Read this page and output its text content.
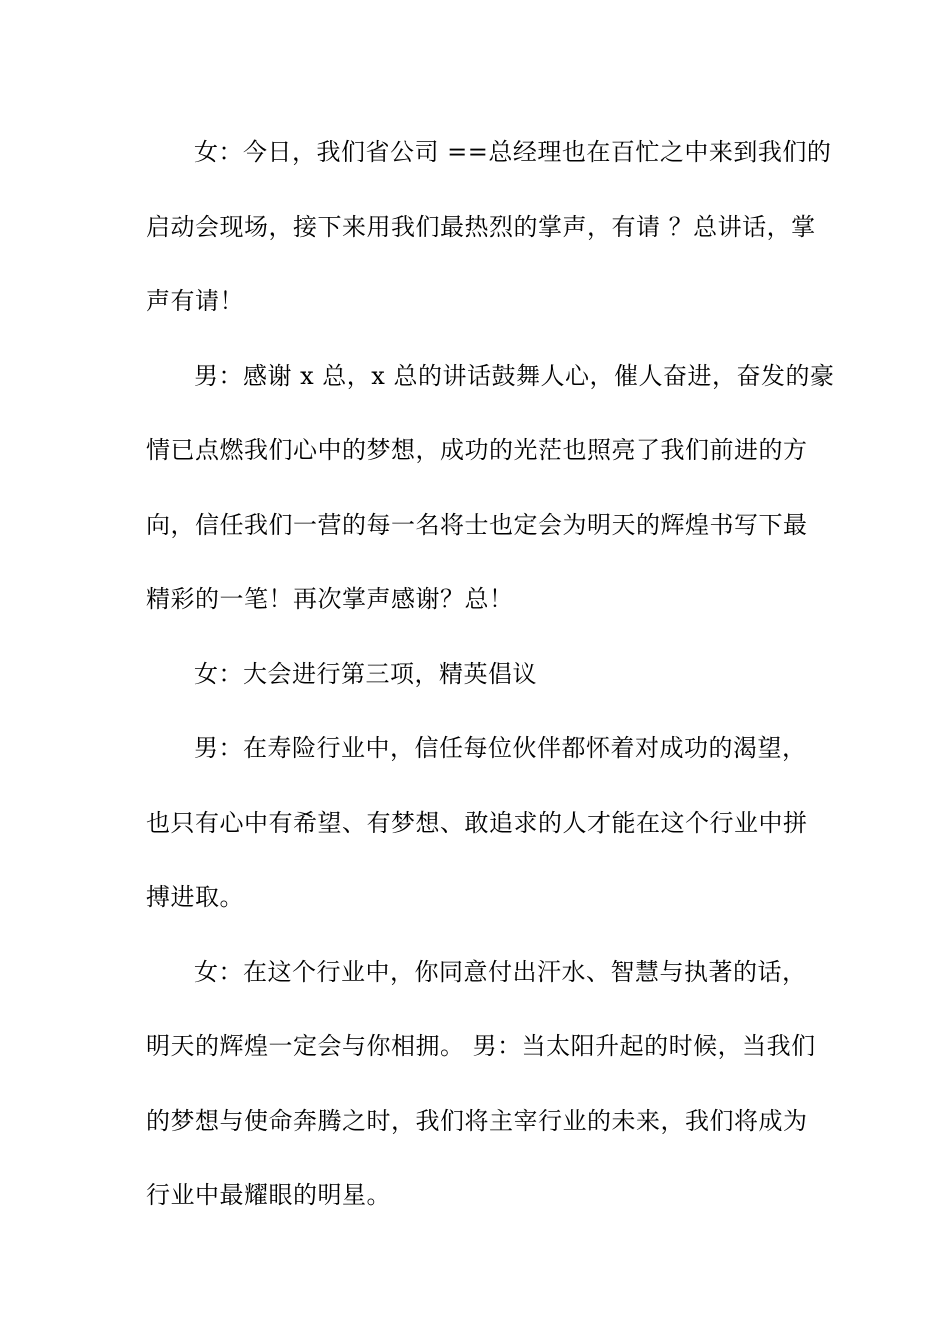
女：今日，我们省公司 ==总经理也在百忙之中来到我们的
启动会现场，接下来用我们最热烈的掌声，有请 ？总讲话，掌
声有请！
男：感谢 x 总，x 总的讲话鼓舞人心，催人奋进，奋发的豪
情已点燃我们心中的梦想，成功的光茫也照亮了我们前进的方
向，信任我们一营的每一名将士也定会为明天的辉煌书写下最
精彩的一笔！再次掌声感谢？总！
女：大会进行第三项，精英倡议
男：在寿险行业中，信任每位伙伴都怀着对成功的渴望，
也只有心中有希望、有梦想、敢追求的人才能在这个行业中拼
搏进取。
女：在这个行业中，你同意付出汗水、智慧与执著的话，
明天的辉煌一定会与你相拥。 男：当太阳升起的时候，当我们
的梦想与使命奔腾之时，我们将主宰行业的未来，我们将成为
行业中最耀眼的明星。
